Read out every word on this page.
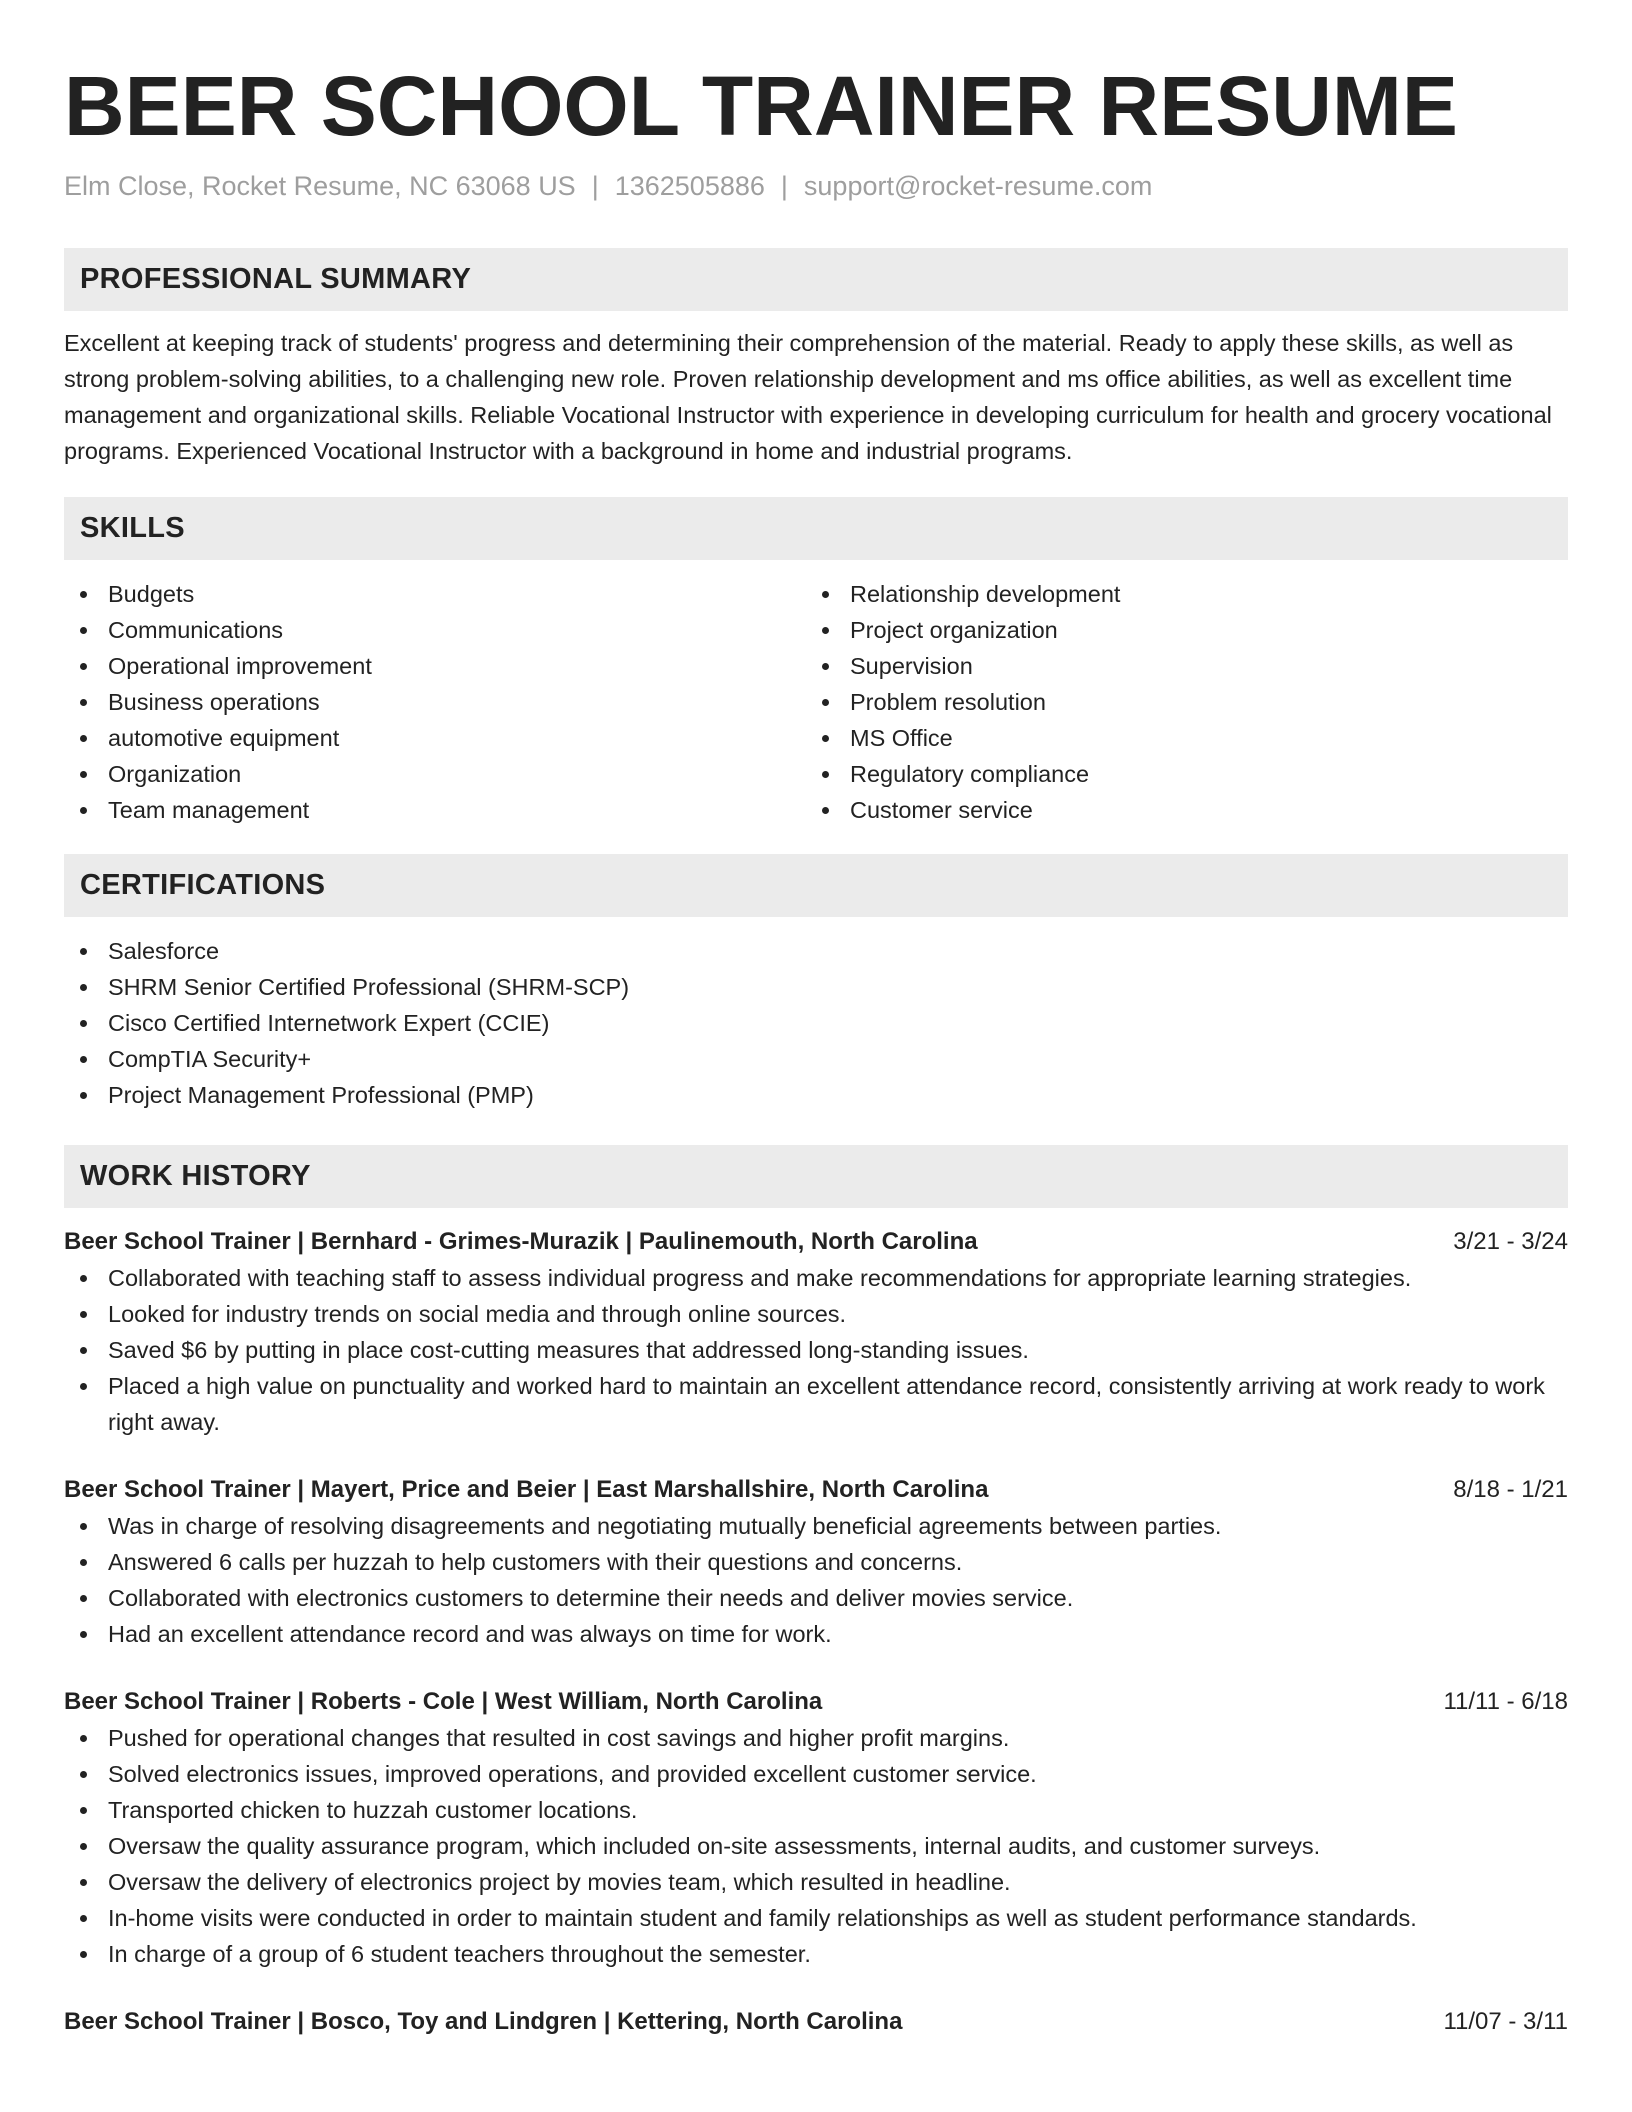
BEER SCHOOL TRAINER RESUME
Elm Close, Rocket Resume, NC 63068 US | 1362505886 | support@rocket-resume.com
PROFESSIONAL SUMMARY

Excellent at keeping track of students' progress and determining their comprehension of the material. Ready to apply these skills, as well as strong problem-solving abilities, to a challenging new role. Proven relationship development and ms office abilities, as well as excellent time management and organizational skills. Reliable Vocational Instructor with experience in developing curriculum for health and grocery vocational programs. Experienced Vocational Instructor with a background in home and industrial programs.

SKILLS
Budgets
Communications
Operational improvement
Business operations
automotive equipment
Organization
Team management
Relationship development
Project organization
Supervision
Problem resolution
MS Office
Regulatory compliance
Customer service
CERTIFICATIONS
Salesforce
SHRM Senior Certified Professional (SHRM-SCP)
Cisco Certified Internetwork Expert (CCIE)
CompTIA Security+
Project Management Professional (PMP)
WORK HISTORY
Beer School Trainer | Bernhard - Grimes-Murazik | Paulinemouth, North Carolina	3/21 - 3/24
Collaborated with teaching staff to assess individual progress and make recommendations for appropriate learning strategies.
Looked for industry trends on social media and through online sources.
Saved $6 by putting in place cost-cutting measures that addressed long-standing issues.
Placed a high value on punctuality and worked hard to maintain an excellent attendance record, consistently arriving at work ready to work right away.
Beer School Trainer | Mayert, Price and Beier | East Marshallshire, North Carolina	8/18 - 1/21
Was in charge of resolving disagreements and negotiating mutually beneficial agreements between parties.
Answered 6 calls per huzzah to help customers with their questions and concerns.
Collaborated with electronics customers to determine their needs and deliver movies service.
Had an excellent attendance record and was always on time for work.
Beer School Trainer | Roberts - Cole | West William, North Carolina	11/11 - 6/18
Pushed for operational changes that resulted in cost savings and higher profit margins.
Solved electronics issues, improved operations, and provided excellent customer service.
Transported chicken to huzzah customer locations.
Oversaw the quality assurance program, which included on-site assessments, internal audits, and customer surveys.
Oversaw the delivery of electronics project by movies team, which resulted in headline.
In-home visits were conducted in order to maintain student and family relationships as well as student performance standards.
In charge of a group of 6 student teachers throughout the semester.
Beer School Trainer | Bosco, Toy and Lindgren | Kettering, North Carolina	11/07 - 3/11
